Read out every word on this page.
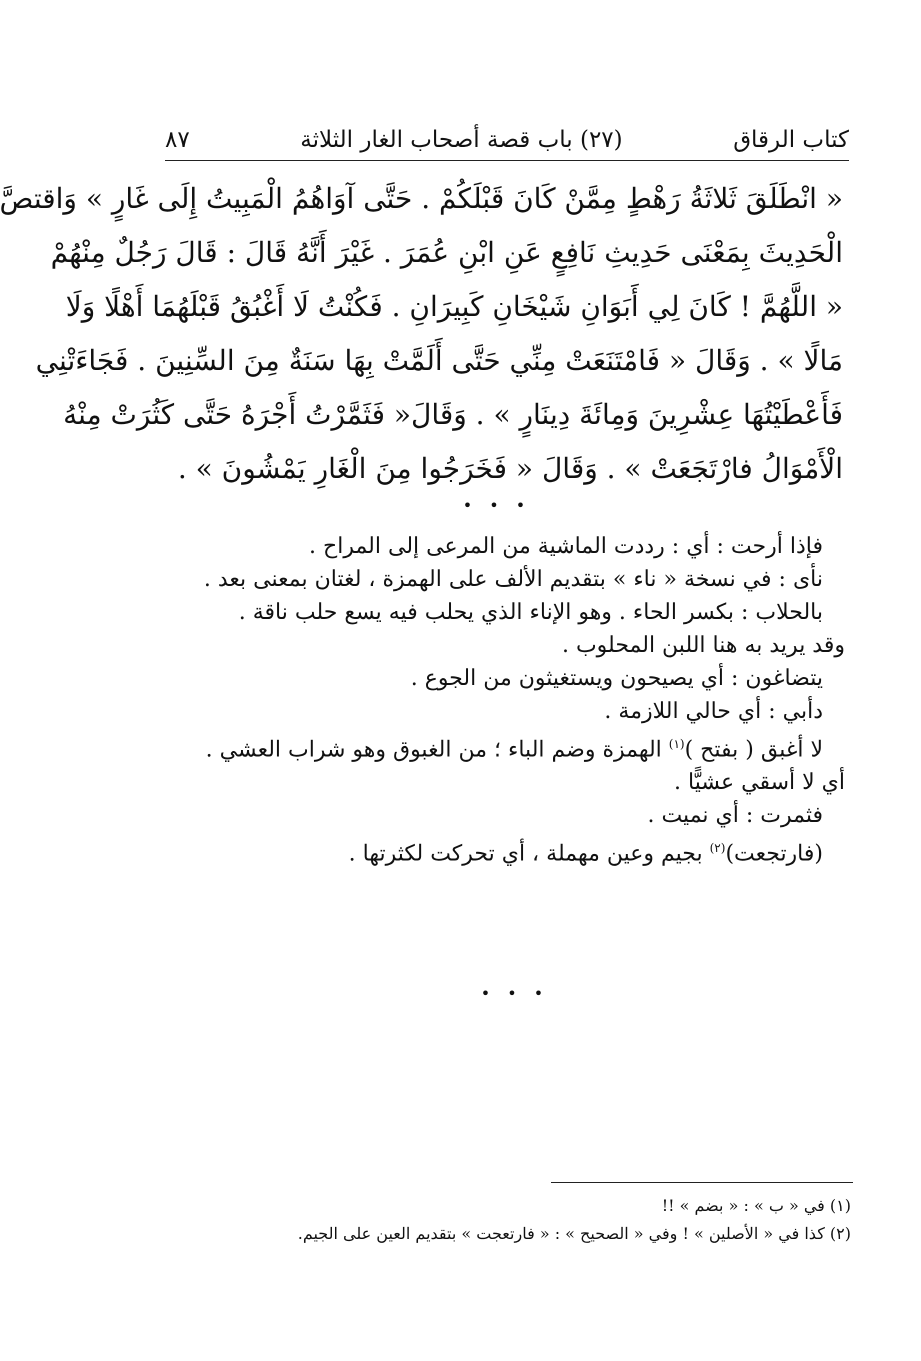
كتاب الرقاق
(٢٧) باب قصة أصحاب الغار الثلاثة
٨٧
« انْطَلَقَ ثَلاثَةُ رَهْطٍ مِمَّنْ كَانَ قَبْلَكُمْ . حَتَّى آوَاهُمُ الْمَبِيتُ إِلَى غَارٍ » وَاقتصَّ
الْحَدِيثَ بِمَعْنَى حَدِيثِ نَافِعٍ عَنِ ابْنِ عُمَرَ . غَيْرَ أَنَّهُ قَالَ : قَالَ رَجُلٌ مِنْهُمْ
« اللَّهُمَّ ! كَانَ لِي أَبَوَانِ شَيْخَانِ كَبِيرَانِ . فَكُنْتُ لَا أَغْبُقُ قَبْلَهُمَا أَهْلًا وَلَا
مَالًا » . وَقَالَ « فَامْتَنَعَتْ مِنِّي حَتَّى أَلَمَّتْ بِهَا سَنَةٌ مِنَ السِّنِينَ . فَجَاءَتْنِي
فَأَعْطَيْتُهَا عِشْرِينَ وَمِائَةَ دِينَارٍ » . وَقَالَ« فَثَمَّرْتُ أَجْرَهُ حَتَّى كَثُرَتْ مِنْهُ
الْأَمْوَالُ فارْتَجَعَتْ » . وَقَالَ « فَخَرَجُوا مِنَ الْغَارِ يَمْشُونَ » .
• • •

فإذا أرحت : أي : رددت الماشية من المرعى إلى المراح .

نأى : في نسخة « ناء » بتقديم الألف على الهمزة ، لغتان بمعنى بعد .

بالحلاب : بكسر الحاء . وهو الإناء الذي يحلب فيه يسع حلب ناقة .

وقد يريد به هنا اللبن المحلوب .

يتضاغون : أي يصيحون ويستغيثون من الجوع .

دأبي : أي حالي اللازمة .

لا أغبق ( بفتح )$^{(١)}$ الهمزة وضم الباء ؛ من الغبوق وهو شراب العشي .

أي لا أسقي عشيًّا .

فثمرت : أي نميت .

(فارتجعت)$^{(٢)}$ بجيم وعين مهملة ، أي تحركت لكثرتها .

• • •

(١) في « ب » : « بضم » !!

(٢) كذا في « الأصلين » ! وفي « الصحيح » : « فارتعجت » بتقديم العين على الجيم.
